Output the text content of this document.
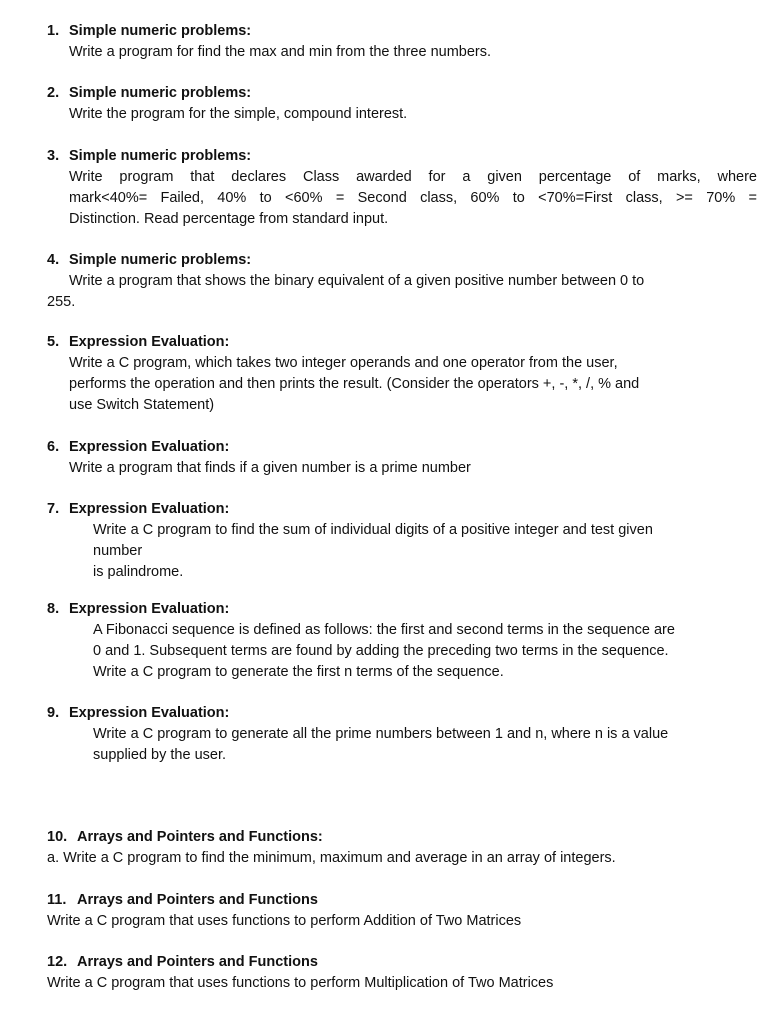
1. Simple numeric problems:
Write a program for find the max and min from the three numbers.
2. Simple numeric problems:
Write the program for the simple, compound interest.
3. Simple numeric problems:
Write program that declares Class awarded for a given percentage of marks, where
mark<40%= Failed, 40% to <60% = Second class, 60% to <70%=First class, >= 70% =
Distinction. Read percentage from standard input.
4. Simple numeric problems:
Write a program that shows the binary equivalent of a given positive number between 0 to
255.
5. Expression Evaluation:
Write a C program, which takes two integer operands and one operator from the user,
performs the operation and then prints the result. (Consider the operators +, -, *, /, % and
use Switch Statement)
6. Expression Evaluation:
Write a program that finds if a given number is a prime number
7. Expression Evaluation:
Write a C program to find the sum of individual digits of a positive integer and test given
number
is palindrome.
8. Expression Evaluation:
A Fibonacci sequence is defined as follows: the first and second terms in the sequence are
0 and 1. Subsequent terms are found by adding the preceding two terms in the sequence.
Write a C program to generate the first n terms of the sequence.
9. Expression Evaluation:
Write a C program to generate all the prime numbers between 1 and n, where n is a value
supplied by the user.
10. Arrays and Pointers and Functions:
a. Write a C program to find the minimum, maximum and average in an array of integers.
11. Arrays and Pointers and Functions
Write a C program that uses functions to perform Addition of Two Matrices
12. Arrays and Pointers and Functions
Write a C program that uses functions to perform Multiplication of Two Matrices
